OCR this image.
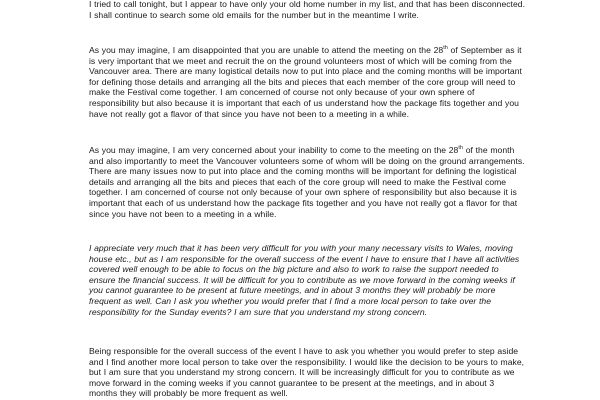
I tried to call tonight, but I appear to have only your old home number in my list, and that has been disconnected. I shall continue to search some old emails for the number but in the meantime I write.

As you may imagine, I am disappointed that you are unable to attend the meeting on the 28th of September as it is very important that we meet and recruit the on the ground volunteers most of which will be coming from the Vancouver area. There are many logistical details now to put into place and the coming months will be important for defining those details and arranging all the bits and pieces that each member of the core group will need to make the Festival come together. I am concerned of course not only because of your own sphere of responsibility but also because it is important that each of us understand how the package fits together and you have not really got a flavor of that since you have not been to a meeting in a while.

As you may imagine, I am very concerned about your inability to come to the meeting on the 28th of the month and also importantly to meet the Vancouver volunteers some of whom will be doing on the ground arrangements. There are many issues now to put into place and the coming months will be important for defining the logistical details and arranging all the bits and pieces that each of the core group will need to make the Festival come together. I am concerned of course not only because of your own sphere of responsibility but also because it is important that each of us understand how the package fits together and you have not really got a flavor for that since you have not been to a meeting in a while.

I appreciate very much that it has been very difficult for you with your many necessary visits to Wales, moving house etc., but as I am responsible for the overall success of the event I have to ensure that I have all activities covered well enough to be able to focus on the big picture and also to work to raise the support needed to ensure the financial success. It will be difficult for you to contribute as we move forward in the coming weeks if you cannot guarantee to be present at future meetings, and in about 3 months they will probably be more frequent as well. Can I ask you whether you would prefer that I find a more local person to take over the responsibility for the Sunday events? I am sure that you understand my strong concern.

Being responsible for the overall success of the event I have to ask you whether you would prefer to step aside and I find another more local person to take over the responsibility. I would like the decision to be yours to make, but I am sure that you understand my strong concern. It will be increasingly difficult for you to contribute as we move forward in the coming weeks if you cannot guarantee to be present at the meetings, and in about 3 months they will probably be more frequent as well.
